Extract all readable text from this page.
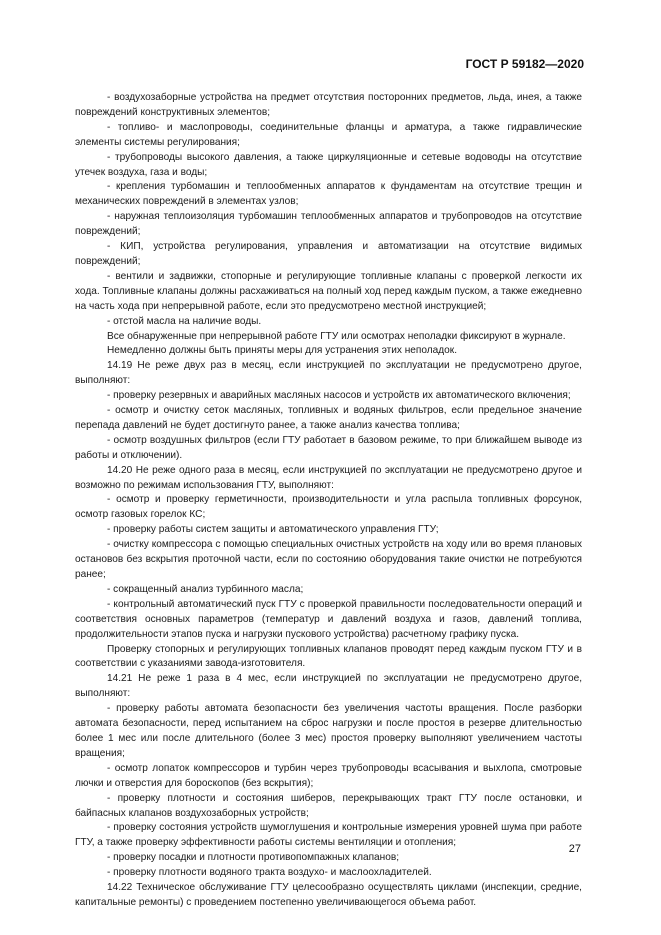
ГОСТ Р 59182—2020

- воздухозаборные устройства на предмет отсутствия посторонних предметов, льда, инея, а также повреждений конструктивных элементов;

- топливо- и маслопроводы, соединительные фланцы и арматура, а также гидравлические элементы системы регулирования;

- трубопроводы высокого давления, а также циркуляционные и сетевые водоводы на отсутствие утечек воздуха, газа и воды;

- крепления турбомашин и теплообменных аппаратов к фундаментам на отсутствие трещин и механических повреждений в элементах узлов;

- наружная теплоизоляция турбомашин теплообменных аппаратов и трубопроводов на отсутствие повреждений;

- КИП, устройства регулирования, управления и автоматизации на отсутствие видимых повреждений;

- вентили и задвижки, стопорные и регулирующие топливные клапаны с проверкой легкости их хода. Топливные клапаны должны расхаживаться на полный ход перед каждым пуском, а также ежедневно на часть хода при непрерывной работе, если это предусмотрено местной инструкцией;

- отстой масла на наличие воды.

Все обнаруженные при непрерывной работе ГТУ или осмотрах неполадки фиксируют в журнале.

Немедленно должны быть приняты меры для устранения этих неполадок.

14.19 Не реже двух раз в месяц, если инструкцией по эксплуатации не предусмотрено другое, выполняют:

- проверку резервных и аварийных масляных насосов и устройств их автоматического включения;

- осмотр и очистку сеток масляных, топливных и водяных фильтров, если предельное значение перепада давлений не будет достигнуто ранее, а также анализ качества топлива;

- осмотр воздушных фильтров (если ГТУ работает в базовом режиме, то при ближайшем выводе из работы и отключении).

14.20 Не реже одного раза в месяц, если инструкцией по эксплуатации не предусмотрено другое и возможно по режимам использования ГТУ, выполняют:

- осмотр и проверку герметичности, производительности и угла распыла топливных форсунок, осмотр газовых горелок КС;

- проверку работы систем защиты и автоматического управления ГТУ;

- очистку компрессора с помощью специальных очистных устройств на ходу или во время плановых остановов без вскрытия проточной части, если по состоянию оборудования такие очистки не потребуются ранее;

- сокращенный анализ турбинного масла;

- контрольный автоматический пуск ГТУ с проверкой правильности последовательности операций и соответствия основных параметров (температур и давлений воздуха и газов, давлений топлива, продолжительности этапов пуска и нагрузки пускового устройства) расчетному графику пуска.

Проверку стопорных и регулирующих топливных клапанов проводят перед каждым пуском ГТУ и в соответствии с указаниями завода-изготовителя.

14.21 Не реже 1 раза в 4 мес, если инструкцией по эксплуатации не предусмотрено другое, выполняют:

- проверку работы автомата безопасности без увеличения частоты вращения. После разборки автомата безопасности, перед испытанием на сброс нагрузки и после простоя в резерве длительностью более 1 мес или после длительного (более 3 мес) простоя проверку выполняют увеличением частоты вращения;

- осмотр лопаток компрессоров и турбин через трубопроводы всасывания и выхлопа, смотровые лючки и отверстия для бороскопов (без вскрытия);

- проверку плотности и состояния шиберов, перекрывающих тракт ГТУ после остановки, и байпасных клапанов воздухозаборных устройств;

- проверку состояния устройств шумоглушения и контрольные измерения уровней шума при работе ГТУ, а также проверку эффективности работы системы вентиляции и отопления;

- проверку посадки и плотности противопомпажных клапанов;

- проверку плотности водяного тракта воздухо- и маслоохладителей.

14.22 Техническое обслуживание ГТУ целесообразно осуществлять циклами (инспекции, средние, капитальные ремонты) с проведением постепенно увеличивающегося объема работ.

27
